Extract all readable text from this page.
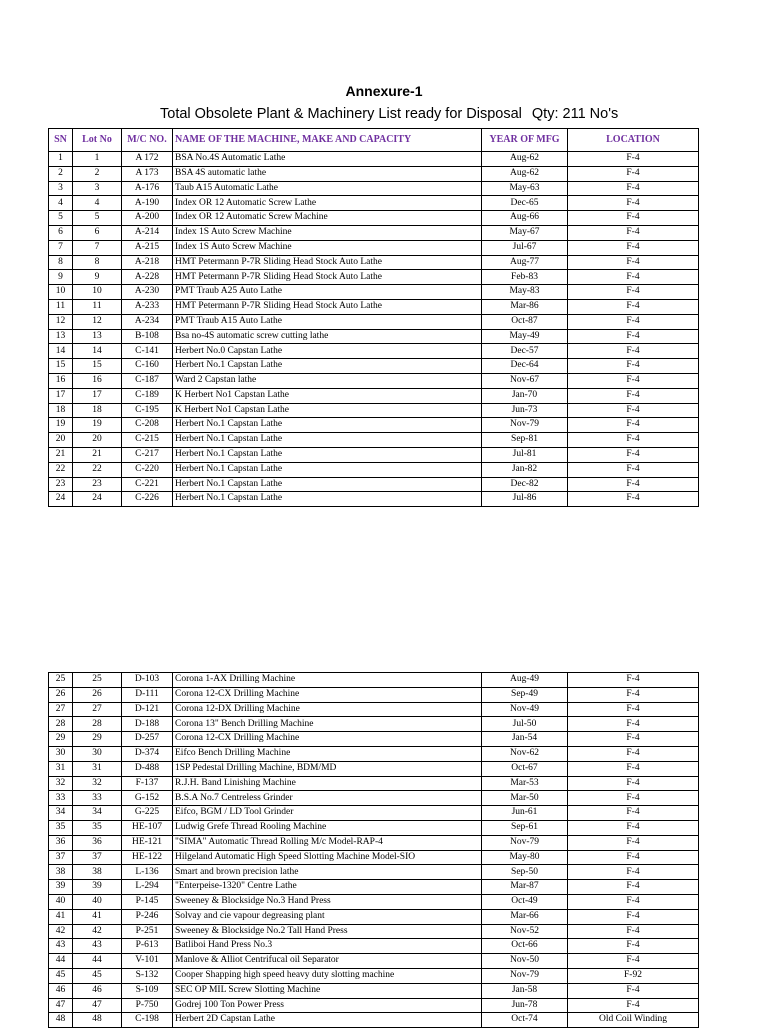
Annexure-1
Total Obsolete Plant & Machinery List ready for Disposal Qty: 211 No's
SN	Lot No	M/C NO.	NAME OF THE MACHINE, MAKE AND CAPACITY	YEAR OF MFG	LOCATION
1	1	A 172	BSA No.4S Automatic Lathe	Aug-62	F-4
2	2	A 173	BSA 4S automatic lathe	Aug-62	F-4
3	3	A-176	Taub A15 Automatic Lathe	May-63	F-4
4	4	A-190	Index OR 12 Automatic Screw Lathe	Dec-65	F-4
5	5	A-200	Index OR 12 Automatic Screw Machine	Aug-66	F-4
6	6	A-214	Index 1S Auto Screw Machine	May-67	F-4
7	7	A-215	Index 1S Auto Screw Machine	Jul-67	F-4
8	8	A-218	HMT Petermann P-7R Sliding Head Stock Auto Lathe	Aug-77	F-4
9	9	A-228	HMT Petermann P-7R Sliding Head Stock Auto Lathe	Feb-83	F-4
10	10	A-230	PMT Traub A25 Auto Lathe	May-83	F-4
11	11	A-233	HMT Petermann P-7R Sliding Head Stock Auto Lathe	Mar-86	F-4
12	12	A-234	PMT Traub A15 Auto Lathe	Oct-87	F-4
13	13	B-108	Bsa no-4S automatic screw cutting lathe	May-49	F-4
14	14	C-141	Herbert No.0 Capstan Lathe	Dec-57	F-4
15	15	C-160	Herbert No.1 Capstan Lathe	Dec-64	F-4
16	16	C-187	Ward 2 Capstan lathe	Nov-67	F-4
17	17	C-189	K Herbert No1 Capstan Lathe	Jan-70	F-4
18	18	C-195	K Herbert No1 Capstan Lathe	Jun-73	F-4
19	19	C-208	Herbert No.1 Capstan Lathe	Nov-79	F-4
20	20	C-215	Herbert No.1 Capstan Lathe	Sep-81	F-4
21	21	C-217	Herbert No.1 Capstan Lathe	Jul-81	F-4
22	22	C-220	Herbert No.1 Capstan Lathe	Jan-82	F-4
23	23	C-221	Herbert No.1 Capstan Lathe	Dec-82	F-4
24	24	C-226	Herbert No.1 Capstan Lathe	Jul-86	F-4
25	25	D-103	Corona 1-AX Drilling Machine	Aug-49	F-4
26	26	D-111	Corona 12-CX Drilling Machine	Sep-49	F-4
27	27	D-121	Corona 12-DX Drilling Machine	Nov-49	F-4
28	28	D-188	Corona 13" Bench Drilling Machine	Jul-50	F-4
29	29	D-257	Corona 12-CX Drilling Machine	Jan-54	F-4
30	30	D-374	Eifco Bench Drilling Machine	Nov-62	F-4
31	31	D-488	1SP Pedestal Drilling Machine, BDM/MD	Oct-67	F-4
32	32	F-137	R.J.H. Band Linishing Machine	Mar-53	F-4
33	33	G-152	B.S.A No.7 Centreless Grinder	Mar-50	F-4
34	34	G-225	Eifco, BGM / LD Tool Grinder	Jun-61	F-4
35	35	HE-107	Ludwig Grefe Thread Rooling Machine	Sep-61	F-4
36	36	HE-121	"SIMA" Automatic Thread Rolling M/c Model-RAP-4	Nov-79	F-4
37	37	HE-122	Hilgeland Automatic High Speed Slotting Machine Model-SIO	May-80	F-4
38	38	L-136	Smart and brown precision lathe	Sep-50	F-4
39	39	L-294	"Enterpeise-1320" Centre Lathe	Mar-87	F-4
40	40	P-145	Sweeney & Blocksidge No.3 Hand Press	Oct-49	F-4
41	41	P-246	Solvay and cie vapour degreasing plant	Mar-66	F-4
42	42	P-251	Sweeney & Blocksidge No.2 Tall Hand Press	Nov-52	F-4
43	43	P-613	Batliboi Hand Press No.3	Oct-66	F-4
44	44	V-101	Manlove & Alliot Centrifucal oil Separator	Nov-50	F-4
45	45	S-132	Cooper Shapping high speed heavy duty slotting machine	Nov-79	F-92
46	46	S-109	SEC OP MIL Screw Slotting Machine	Jan-58	F-4
47	47	P-750	Godrej 100 Ton Power Press	Jun-78	F-4
48	48	C-198	Herbert 2D Capstan Lathe	Oct-74	Old Coil Winding
